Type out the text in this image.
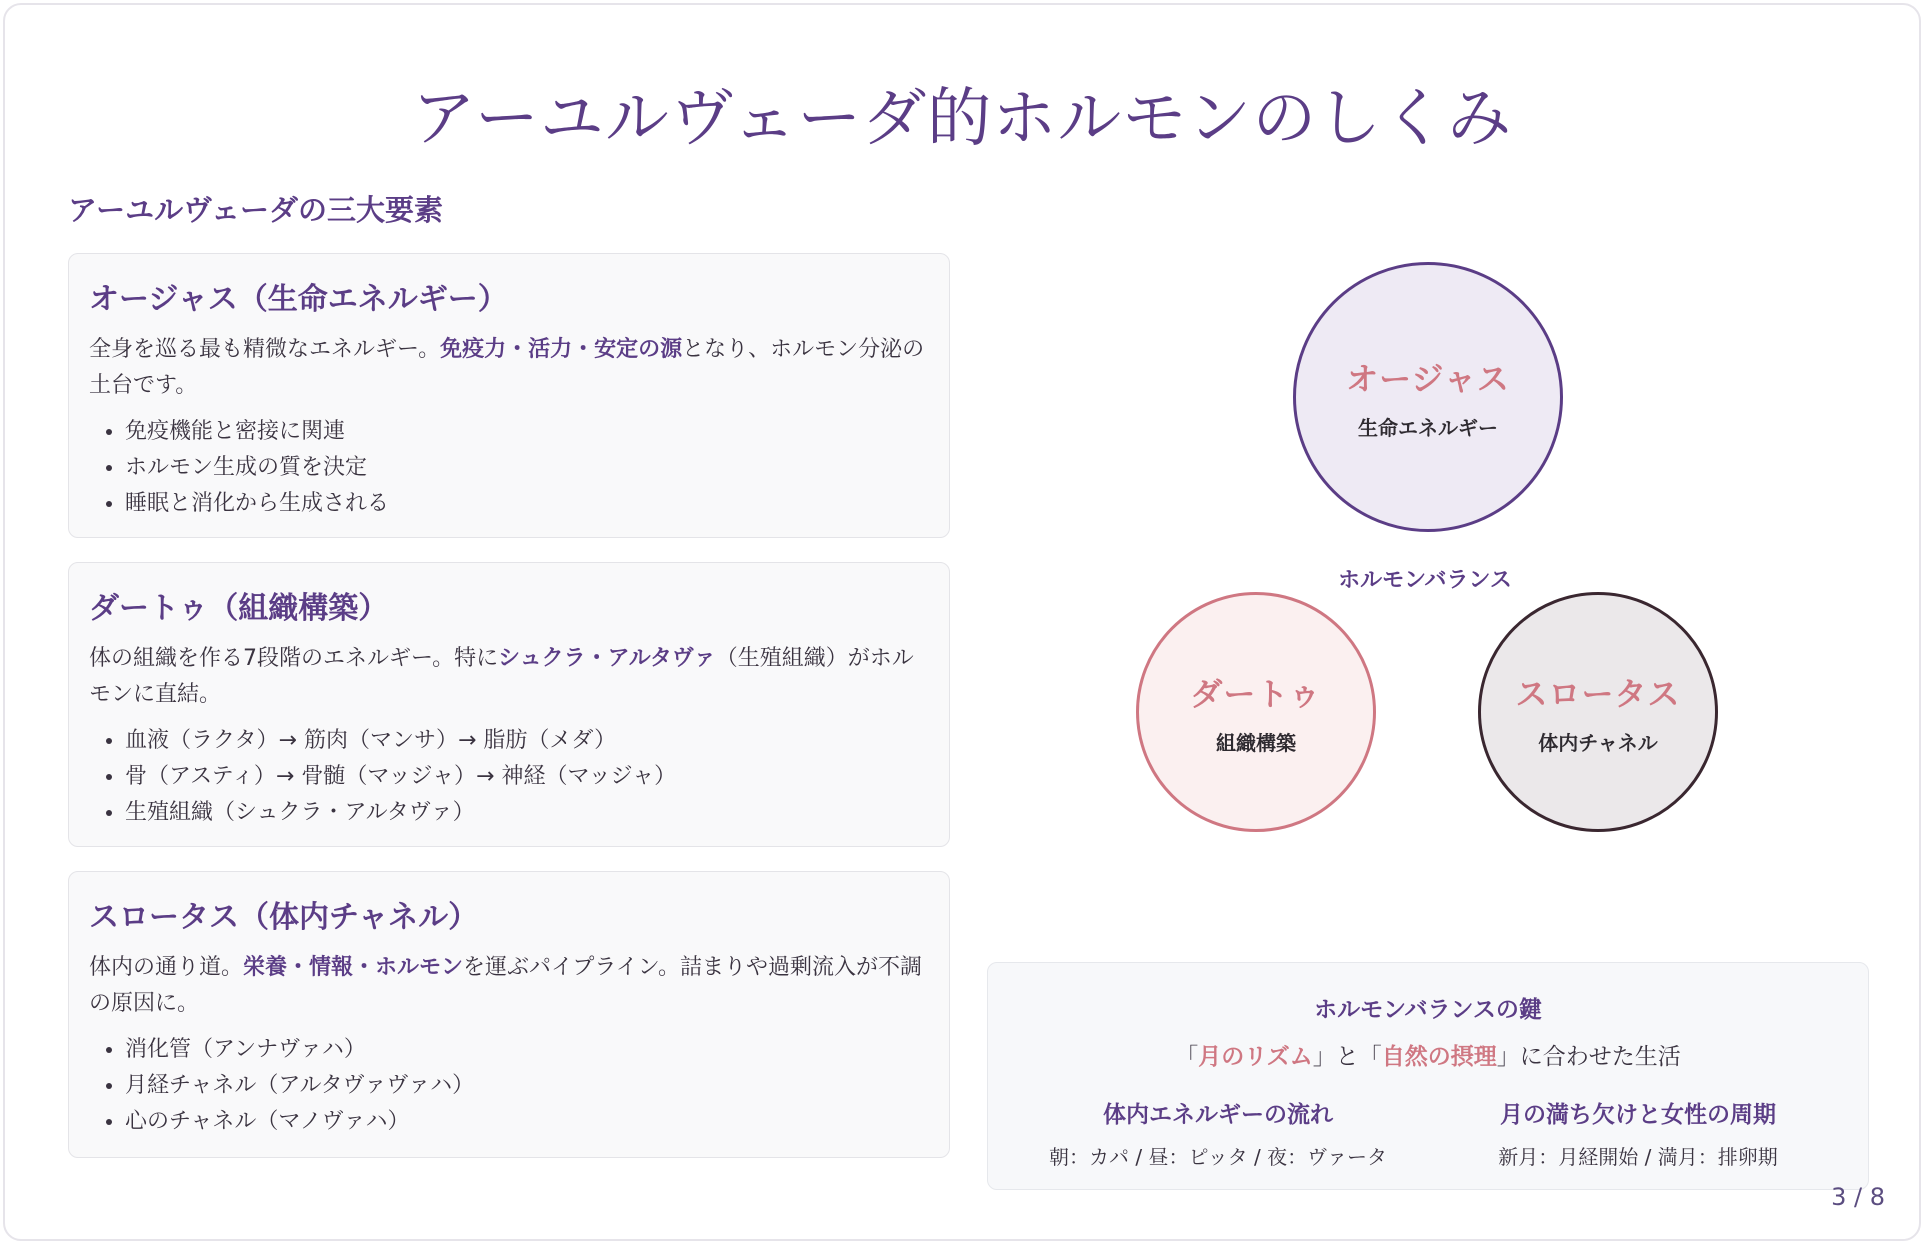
アーユルヴェーダ的ホルモンのしくみ
アーユルヴェーダの三大要素
オージャス（生命エネルギー）

全身を巡る最も精微なエネルギー。免疫力・活力・安定の源となり、ホルモン分泌の土台です。

• 免疫機能と密接に関連
• ホルモン生成の質を決定
• 睡眠と消化から生成される
ダートゥ（組織構築）

体の組織を作る7段階のエネルギー。特にシュクラ・アルタヴァ（生殖組織）がホルモンに直結。

• 血液（ラクタ）→ 筋肉（マンサ）→ 脂肪（メダ）
• 骨（アスティ）→ 骨髄（マッジャ）→ 神経（マッジャ）
• 生殖組織（シュクラ・アルタヴァ）
スロータス（体内チャネル）

体内の通り道。栄養・情報・ホルモンを運ぶパイプライン。詰まりや過剰流入が不調の原因に。

• 消化管（アンナヴァハ）
• 月経チャネル（アルタヴァヴァハ）
• 心のチャネル（マノヴァハ）
オージャス
生命エネルギー
ホルモンバランス
ダートゥ
組織構築
スロータス
体内チャネル
ホルモンバランスの鍵
「月のリズム」と「自然の摂理」に合わせた生活
体内エネルギーの流れ
朝：カパ / 昼：ピッタ / 夜：ヴァータ
月の満ち欠けと女性の周期
新月：月経開始 / 満月：排卵期
3 / 8
